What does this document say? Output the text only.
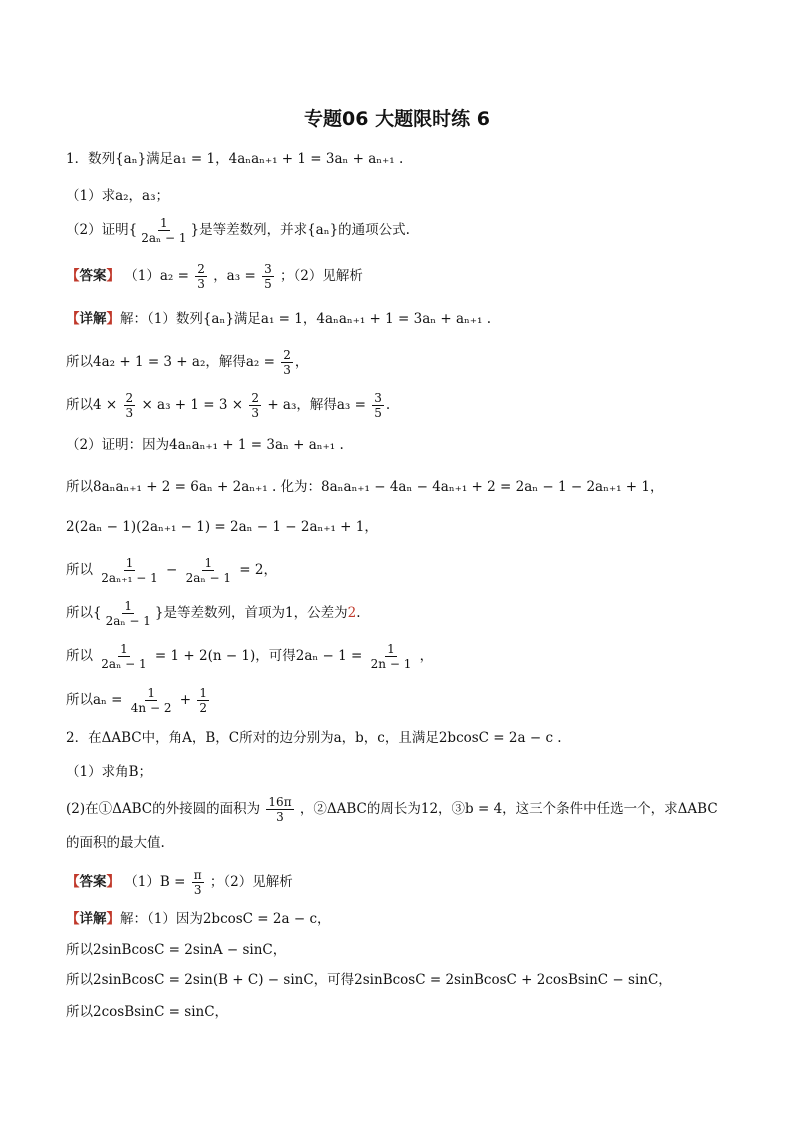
专题06 大题限时练 6
1．数列{aₙ}满足a₁ = 1，4aₙaₙ₊₁ + 1 = 3aₙ + aₙ₊₁ .
（1）求a₂，a₃；
（2）证明{ $\frac{1}{\text{2aₙ − 1}}$ }是等差数列，并求{aₙ}的通项公式.
【答案】 $(1)a_2 = \frac{2}{3}$ ，$a_3 = \frac{3}{5}$ ；（2）见解析
【详解】解：（1）数列{aₙ}满足a₁ = 1，4aₙaₙ₊₁ + 1 = 3aₙ + aₙ₊₁ .
所以4a₂ + 1 = 3 + a₂，解得$a_2 = \frac{2}{3}$ ，
所以$4 \times \frac{2}{3} \times a_3 + 1 = 3 \times \frac{2}{3} + a_3$，解得$a_3 = \frac{3}{5}$ .
（2）证明：因为4aₙaₙ₊₁ + 1 = 3aₙ + aₙ₊₁ .
所以8aₙaₙ₊₁ + 2 = 6aₙ + 2aₙ₊₁ . 化为：8aₙaₙ₊₁ − 4aₙ − 4aₙ₊₁ + 2 = 2aₙ − 1 − 2aₙ₊₁ + 1，
2(2aₙ − 1)(2aₙ₊₁ − 1) = 2aₙ − 1 − 2aₙ₊₁ + 1，
所以 $\frac{1}{\text{2aₙ₊₁ − 1}} - \frac{1}{\text{2aₙ − 1}} = 2$，
所以{ $\frac{1}{\text{2aₙ − 1}}$ }是等差数列，首项为1，公差为2.
所以 $\frac{1}{\text{2aₙ − 1}} = 1 + 2(n - 1)$，可得$2a_n - 1 = \frac{1}{2n - 1}$ ，
所以$a_n = \frac{1}{4n - 2} + \frac{1}{2}$
2．在ΔABC中，角A，B，C所对的边分别为a，b，c，且满足2bcosC = 2a − c .
（1）求角B；
(2)在①ΔABC的外接圆的面积为 $\frac{16\pi}{3}$ ，②ΔABC的周长为12，③b = 4，这三个条件中任选一个，求ΔABC
的面积的最大值.
【答案】 $(1)B = \frac{\pi}{3}$ ；（2）见解析
【详解】解：（1）因为2bcosC = 2a − c，
所以2sinBcosC = 2sinA − sinC，
所以2sinBcosC = 2sin(B + C) − sinC，可得2sinBcosC = 2sinBcosC + 2cosBsinC − sinC，
所以2cosBsinC = sinC，
